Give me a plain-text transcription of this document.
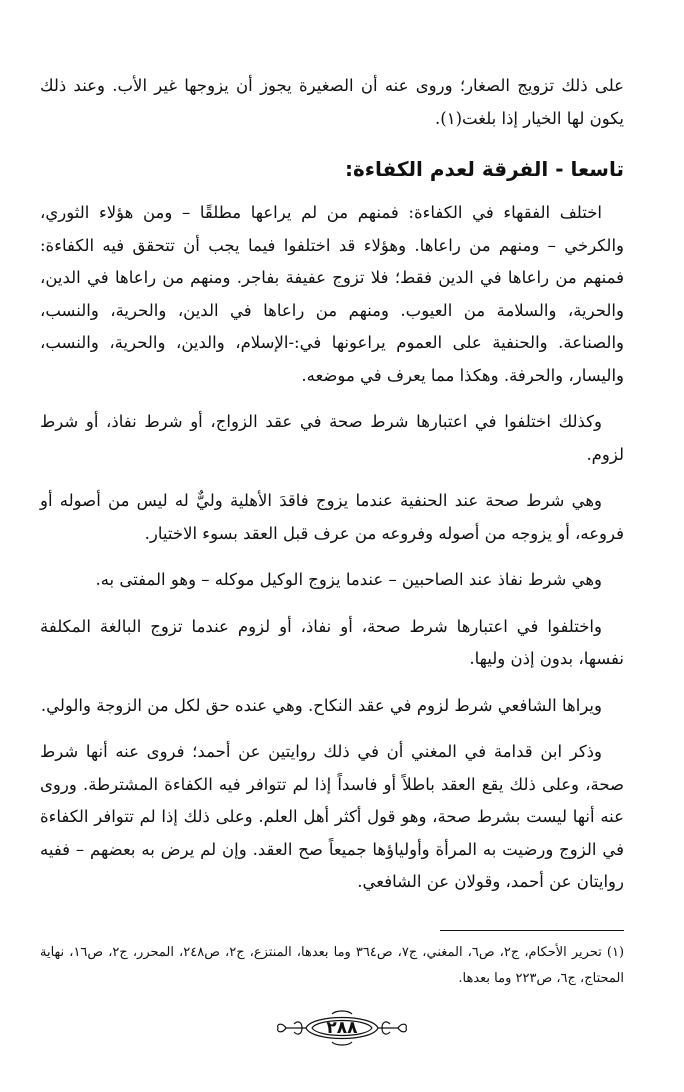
على ذلك تزويج الصغار؛ وروى عنه أن الصغيرة يجوز أن يزوجها غير الأب. وعند ذلك يكون لها الخيار إذا بلغت(١).

تاسعا - الفرقة لعدم الكفاءة:

اختلف الفقهاء في الكفاءة: فمنهم من لم يراعها مطلقًا – ومن هؤلاء الثوري، والكرخي – ومنهم من راعاها. وهؤلاء قد اختلفوا فيما يجب أن تتحقق فيه الكفاءة: فمنهم من راعاها في الدين فقط؛ فلا تزوج عفيفة بفاجر. ومنهم من راعاها في الدين، والحرية، والسلامة من العيوب. ومنهم من راعاها في الدين، والحرية، والنسب، والصناعة. والحنفية على العموم يراعونها في:-الإسلام، والدين، والحرية، والنسب، واليسار، والحرفة. وهكذا مما يعرف في موضعه.

وكذلك اختلفوا في اعتبارها شرط صحة في عقد الزواج، أو شرط نفاذ، أو شرط لزوم.

وهي شرط صحة عند الحنفية عندما يزوج فاقدَ الأهلية وليٌّ له ليس من أصوله أو فروعه، أو يزوجه من أصوله وفروعه من عرف قبل العقد بسوء الاختيار.

وهي شرط نفاذ عند الصاحبين – عندما يزوج الوكيل موكله – وهو المفتى به.

واختلفوا في اعتبارها شرط صحة، أو نفاذ، أو لزوم عندما تزوج البالغة المكلفة نفسها، بدون إذن وليها.

ويراها الشافعي شرط لزوم في عقد النكاح. وهي عنده حق لكل من الزوجة والولي.

وذكر ابن قدامة في المغني أن في ذلك روايتين عن أحمد؛ فروى عنه أنها شرط صحة، وعلى ذلك يقع العقد باطلاً أو فاسداً إذا لم تتوافر فيه الكفاءة المشترطة. وروى عنه أنها ليست بشرط صحة، وهو قول أكثر أهل العلم. وعلى ذلك إذا لم تتوافر الكفاءة في الزوج ورضيت به المرأة وأولياؤها جميعاً صح العقد. وإن لم يرض به بعضهم – ففيه روايتان عن أحمد، وقولان عن الشافعي.

(١) تحرير الأحكام، ج٢، ص٦، المغني، ج٧، ص٣٦٤ وما بعدها، المنتزع، ج٢، ص٢٤٨، المحرر، ج٢، ص١٦، نهاية المحتاج، ج٦، ص٢٢٣ وما بعدها.
٢٨٨
